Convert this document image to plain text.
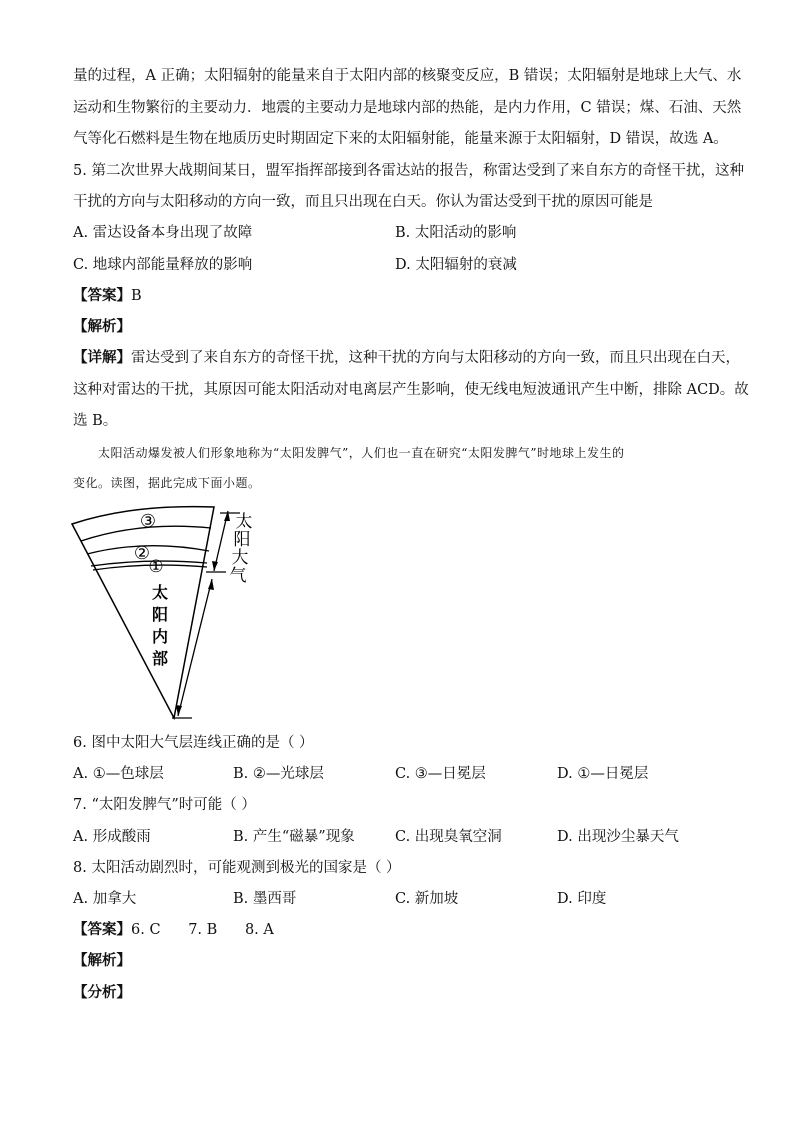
量的过程，A 正确；太阳辐射的能量来自于太阳内部的核聚变反应，B 错误；太阳辐射是地球上大气、水
运动和生物繁衍的主要动力．地震的主要动力是地球内部的热能，是内力作用，C 错误；煤、石油、天然
气等化石燃料是生物在地质历史时期固定下来的太阳辐射能，能量来源于太阳辐射，D 错误，故选 A。
5. 第二次世界大战期间某日，盟军指挥部接到各雷达站的报告，称雷达受到了来自东方的奇怪干扰，这种
干扰的方向与太阳移动的方向一致，而且只出现在白天。你认为雷达受到干扰的原因可能是
A. 雷达设备本身出现了故障	B. 太阳活动的影响
C. 地球内部能量释放的影响	D. 太阳辐射的衰减
【答案】B
【解析】
【详解】雷达受到了来自东方的奇怪干扰，这种干扰的方向与太阳移动的方向一致，而且只出现在白天，
这种对雷达的干扰，其原因可能太阳活动对电离层产生影响，使无线电短波通讯产生中断，排除 ACD。故
选 B。
太阳活动爆发被人们形象地称为“太阳发脾气”，人们也一直在研究“太阳发脾气”时地球上发生的
变化。读图，据此完成下面小题。
③
②
①
太
阳
大
气
太
阳
内
部
6. 图中太阳大气层连线正确的是（ ）
A. ①—色球层	B. ②—光球层	C. ③—日冕层	D. ①—日冕层
7. “太阳发脾气”时可能（ ）
A. 形成酸雨	B. 产生“磁暴”现象	C. 出现臭氧空洞	D. 出现沙尘暴天气
8. 太阳活动剧烈时，可能观测到极光的国家是（ ）
A. 加拿大	B. 墨西哥	C. 新加坡	D. 印度
【答案】6. C      7. B      8. A
【解析】
【分析】
